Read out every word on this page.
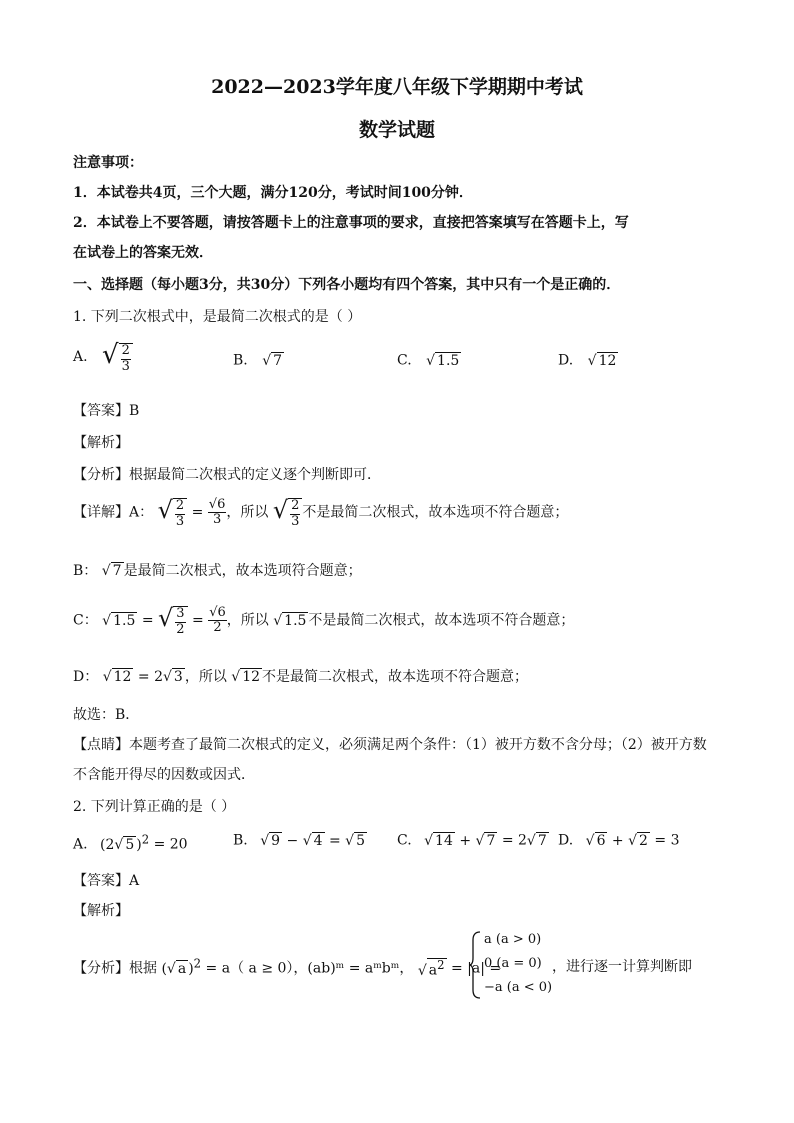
2022—2023学年度八年级下学期期中考试
数学试题
注意事项：
1．本试卷共4页，三个大题，满分120分，考试时间100分钟．
2．本试卷上不要答题，请按答题卡上的注意事项的要求，直接把答案填写在答题卡上，写
在试卷上的答案无效．
一、选择题（每小题3分，共30分）下列各小题均有四个答案，其中只有一个是正确的．
1. 下列二次根式中，是最简二次根式的是（ ）
A. √ $\frac{2}{3}$	B. √ 7	C. √ 1.5	D. √ 12
【答案】B
【解析】
【分析】根据最简二次根式的定义逐个判断即可．
【详解】A： √ $\frac{2}{3} = \frac{√6}{3}$ ，所以 √ $\frac{2}{3}$ 不是最简二次根式，故本选项不符合题意；
B： √ 7 是最简二次根式，故本选项符合题意；
C： √ 1.5 = √ $\frac{3}{2} = \frac{√6}{2}$ ，所以 √ 1.5 不是最简二次根式，故本选项不符合题意；
D： √ 12 = 2√ 3 ，所以 √ 12 不是最简二次根式，故本选项不符合题意；
故选：B．
【点睛】本题考查了最简二次根式的定义，必须满足两个条件：（1）被开方数不含分母；（2）被开方数
不含能开得尽的因数或因式．
2. 下列计算正确的是（ ）
A. (2√ 5 )$^2$ = 20	B. √ 9 − √ 4 = √ 5 C. √ 14 + √ 7 = 2√ 7 D. √ 6 + √ 2 = 3
【答案】A
【解析】
【分析】根据 (√ a )$^2$ = a（ a ≥ 0），(ab)ᵐ = aᵐbᵐ， √ $a^2 = |a|$ =
a (a > 0)
0 (a = 0)
−a (a < 0)
，进行逐一计算判断即
